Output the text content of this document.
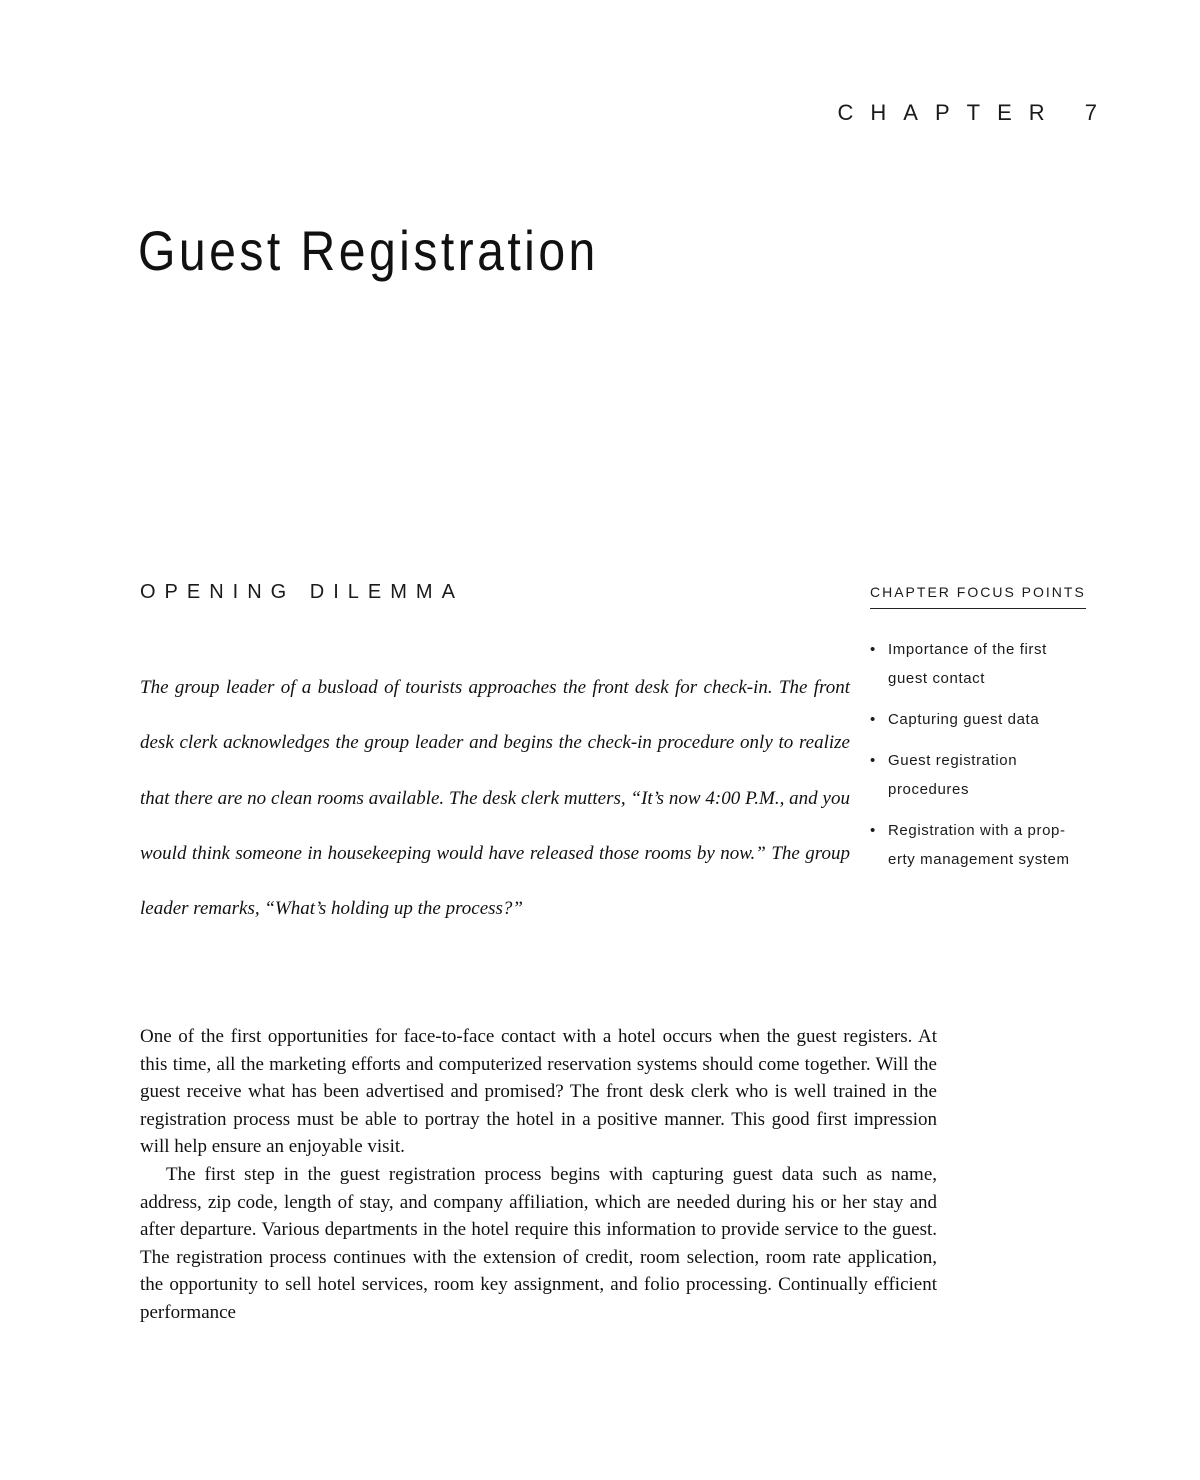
CHAPTER 7
Guest Registration
OPENING DILEMMA

The group leader of a busload of tourists approaches the front desk for check-in. The front desk clerk acknowledges the group leader and begins the check-in procedure only to realize that there are no clean rooms available. The desk clerk mutters, “It’s now 4:00 P.M., and you would think someone in housekeeping would have released those rooms by now.” The group leader remarks, “What’s holding up the process?”

CHAPTER FOCUS POINTS
• Importance of the first guest contact
• Capturing guest data
• Guest registration procedures
• Registration with a prop-erty management system

One of the first opportunities for face-to-face contact with a hotel occurs when the guest registers. At this time, all the marketing efforts and computerized reservation systems should come together. Will the guest receive what has been advertised and promised? The front desk clerk who is well trained in the registration process must be able to portray the hotel in a positive manner. This good first impression will help ensure an enjoyable visit.

The first step in the guest registration process begins with capturing guest data such as name, address, zip code, length of stay, and company affiliation, which are needed during his or her stay and after departure. Various departments in the hotel require this information to provide service to the guest. The registration process continues with the extension of credit, room selection, room rate application, the opportunity to sell hotel services, room key assignment, and folio processing. Continually efficient performance
